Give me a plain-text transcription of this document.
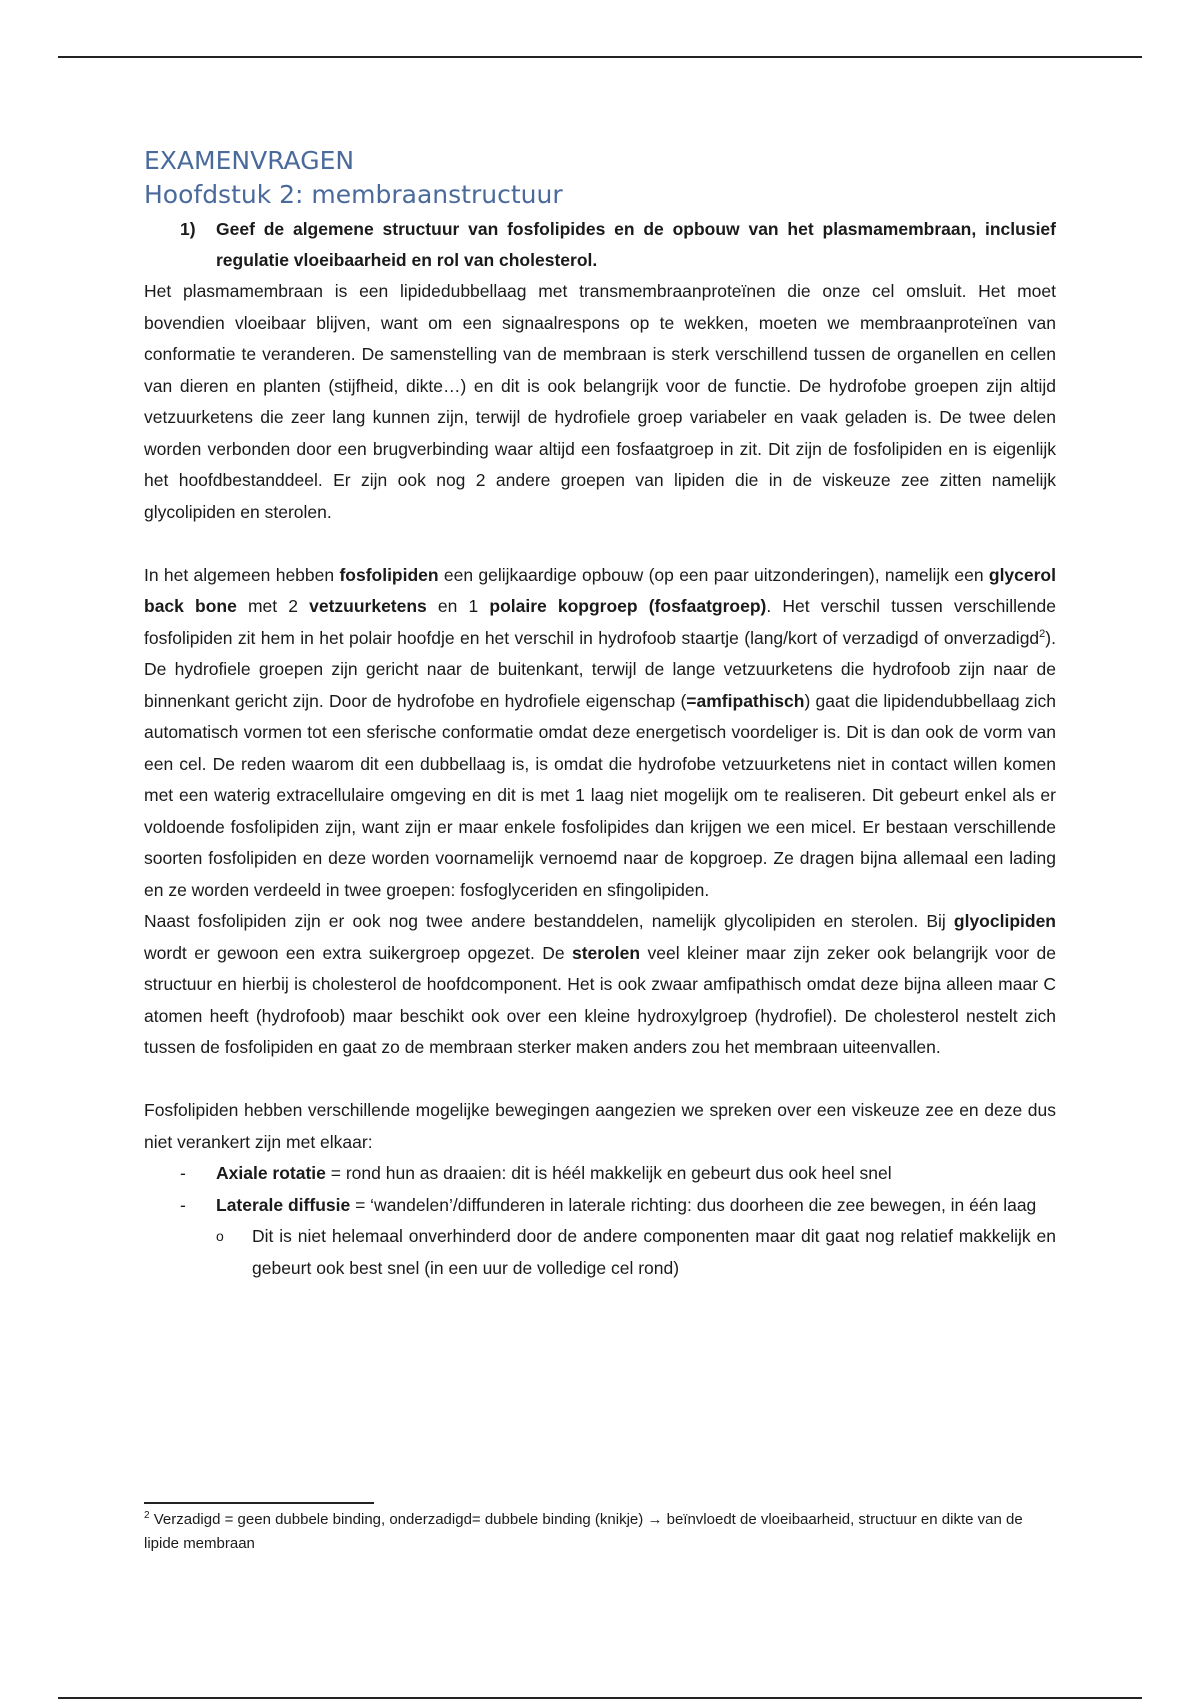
EXAMENVRAGEN
Hoofdstuk 2: membraanstructuur
1)	Geef de algemene structuur van fosfolipides en de opbouw van het plasmamembraan, inclusief regulatie vloeibaarheid en rol van cholesterol.

Het plasmamembraan is een lipidedubbellaag met transmembraanproteïnen die onze cel omsluit. Het moet bovendien vloeibaar blijven, want om een signaalrespons op te wekken, moeten we membraanproteïnen van conformatie te veranderen. De samenstelling van de membraan is sterk verschillend tussen de organellen en cellen van dieren en planten (stijfheid, dikte…) en dit is ook belangrijk voor de functie. De hydrofobe groepen zijn altijd vetzuurketens die zeer lang kunnen zijn, terwijl de hydrofiele groep variabeler en vaak geladen is. De twee delen worden verbonden door een brugverbinding waar altijd een fosfaatgroep in zit. Dit zijn de fosfolipiden en is eigenlijk het hoofdbestanddeel. Er zijn ook nog 2 andere groepen van lipiden die in de viskeuze zee zitten namelijk glycolipiden en sterolen.

In het algemeen hebben fosfolipiden een gelijkaardige opbouw (op een paar uitzonderingen), namelijk een glycerol back bone met 2 vetzuurketens en 1 polaire kopgroep (fosfaatgroep). Het verschil tussen verschillende fosfolipiden zit hem in het polair hoofdje en het verschil in hydrofoob staartje (lang/kort of verzadigd of onverzadigd$^2$). De hydrofiele groepen zijn gericht naar de buitenkant, terwijl de lange vetzuurketens die hydrofoob zijn naar de binnenkant gericht zijn. Door de hydrofobe en hydrofiele eigenschap (=amfipathisch) gaat die lipidendubbellaag zich automatisch vormen tot een sferische conformatie omdat deze energetisch voordeliger is. Dit is dan ook de vorm van een cel. De reden waarom dit een dubbellaag is, is omdat die hydrofobe vetzuurketens niet in contact willen komen met een waterig extracellulaire omgeving en dit is met 1 laag niet mogelijk om te realiseren. Dit gebeurt enkel als er voldoende fosfolipiden zijn, want zijn er maar enkele fosfolipides dan krijgen we een micel. Er bestaan verschillende soorten fosfolipiden en deze worden voornamelijk vernoemd naar de kopgroep. Ze dragen bijna allemaal een lading en ze worden verdeeld in twee groepen: fosfoglyceriden en sfingolipiden.

Naast fosfolipiden zijn er ook nog twee andere bestanddelen, namelijk glycolipiden en sterolen. Bij glyoclipiden wordt er gewoon een extra suikergroep opgezet. De sterolen veel kleiner maar zijn zeker ook belangrijk voor de structuur en hierbij is cholesterol de hoofdcomponent. Het is ook zwaar amfipathisch omdat deze bijna alleen maar C atomen heeft (hydrofoob) maar beschikt ook over een kleine hydroxylgroep (hydrofiel). De cholesterol nestelt zich tussen de fosfolipiden en gaat zo de membraan sterker maken anders zou het membraan uiteenvallen.

Fosfolipiden hebben verschillende mogelijke bewegingen aangezien we spreken over een viskeuze zee en deze dus niet verankert zijn met elkaar:

-	Axiale rotatie = rond hun as draaien: dit is héél makkelijk en gebeurt dus ook heel snel
-	Laterale diffusie = ‘wandelen’/diffunderen in laterale richting: dus doorheen die zee bewegen, in één laag
o	Dit is niet helemaal onverhinderd door de andere componenten maar dit gaat nog relatief makkelijk en gebeurt ook best snel (in een uur de volledige cel rond)
$^2$ Verzadigd = geen dubbele binding, onderzadigd= dubbele binding (knikje) → beïnvloedt de vloeibaarheid, structuur en dikte van de lipide membraan
